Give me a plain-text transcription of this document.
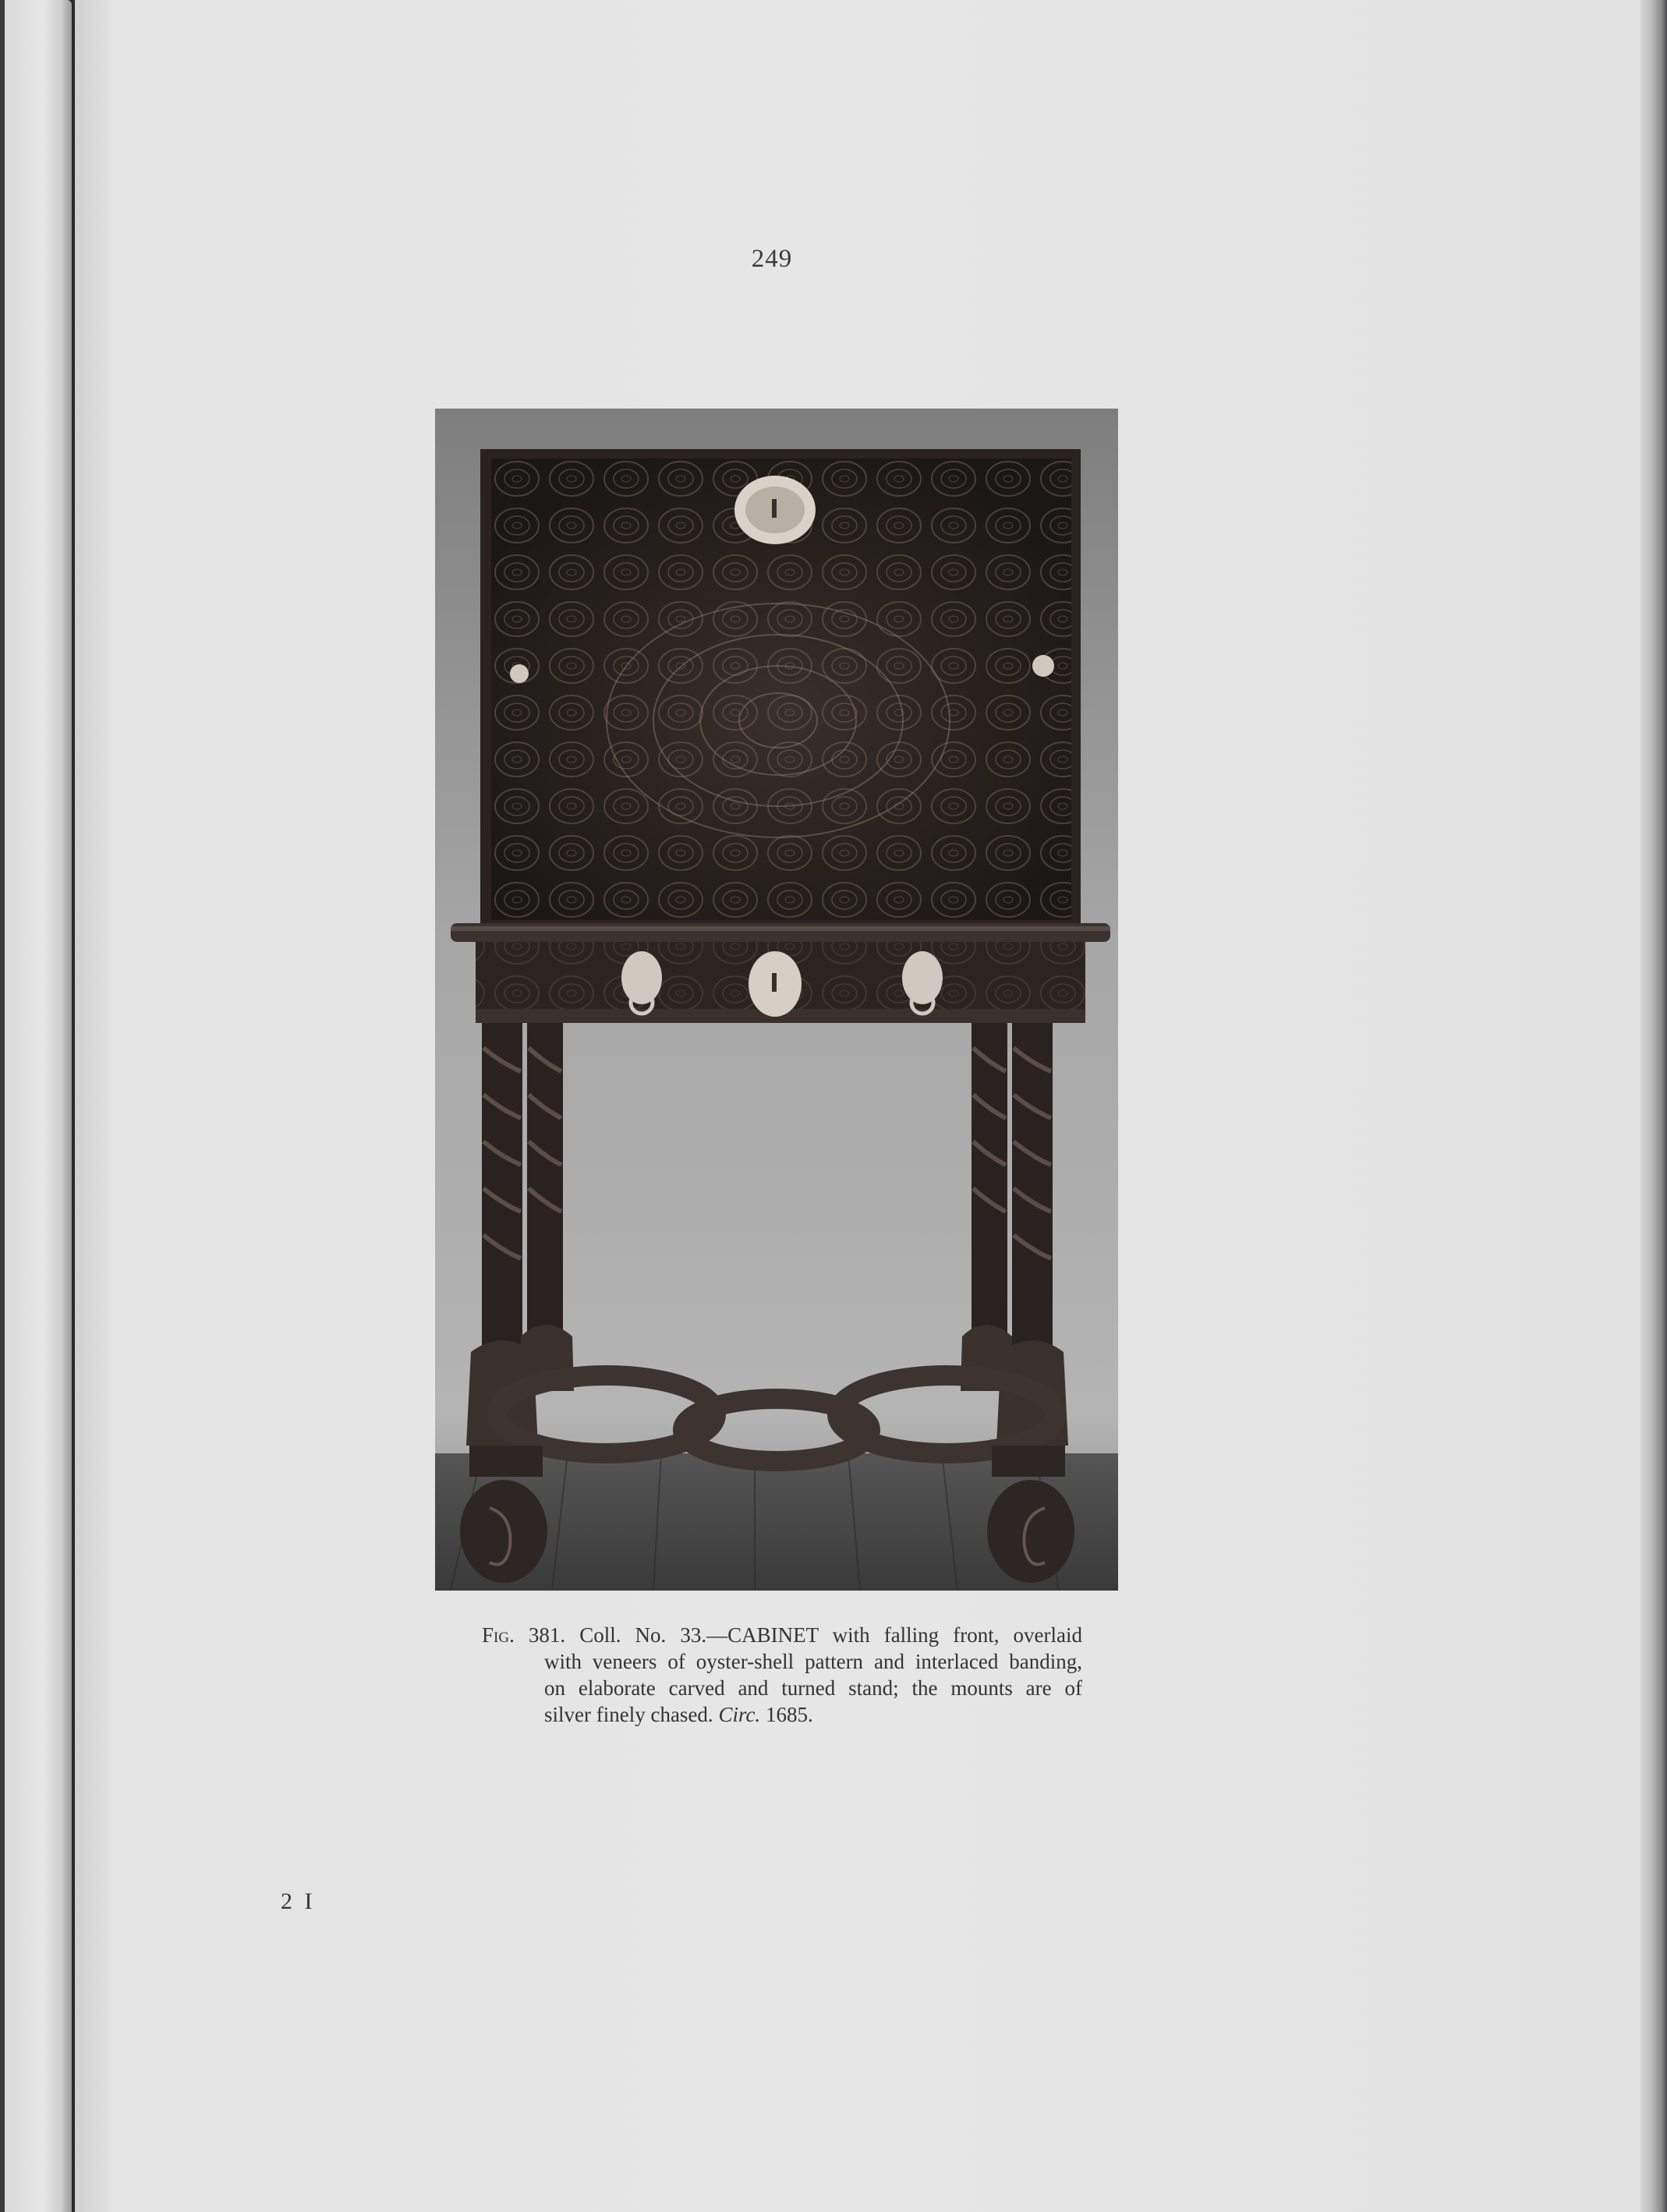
249
Fig. 381. Coll. No. 33.—CABINET with falling front, overlaid
with veneers of oyster-shell pattern and interlaced banding,
on elaborate carved and turned stand; the mounts are of
silver finely chased. Circ. 1685.
2 I
